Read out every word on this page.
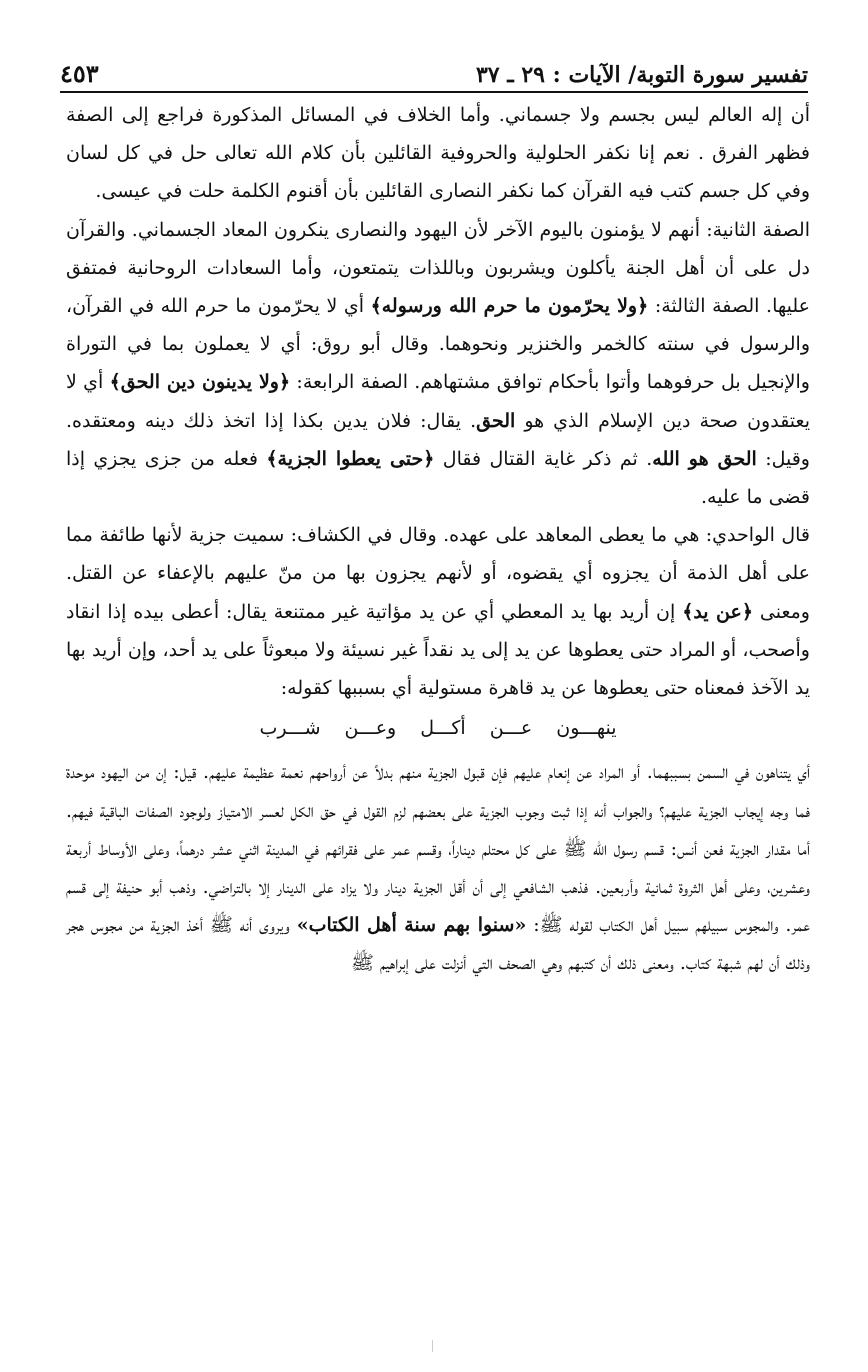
تفسير سورة التوبة/ الآيات : ٢٩ ـ ٣٧
٤٥٣

أن إله العالم ليس بجسم ولا جسماني. وأما الخلاف في المسائل المذكورة فراجع إلى الصفة فظهر الفرق . نعم إنا نكفر الحلولية والحروفية القائلين بأن كلام الله تعالى حل في كل لسان وفي كل جسم كتب فيه القرآن كما نكفر النصارى القائلين بأن أقنوم الكلمة حلت في عيسى.

الصفة الثانية: أنهم لا يؤمنون باليوم الآخر لأن اليهود والنصارى ينكرون المعاد الجسماني. والقرآن دل على أن أهل الجنة يأكلون ويشربون وباللذات يتمتعون، وأما السعادات الروحانية فمتفق عليها. الصفة الثالثة: ﴿ولا يحرّمون ما حرم الله ورسوله﴾ أي لا يحرّمون ما حرم الله في القرآن، والرسول في سنته كالخمر والخنزير ونحوهما. وقال أبو روق: أي لا يعملون بما في التوراة والإنجيل بل حرفوهما وأتوا بأحكام توافق مشتهاهم. الصفة الرابعة: ﴿ولا يدينون دين الحق﴾ أي لا يعتقدون صحة دين الإسلام الذي هو الحق. يقال: فلان يدين بكذا إذا اتخذ ذلك دينه ومعتقده. وقيل: الحق هو الله. ثم ذكر غاية القتال فقال ﴿حتى يعطوا الجزية﴾ فعله من جزى يجزي إذا قضى ما عليه.

قال الواحدي: هي ما يعطى المعاهد على عهده. وقال في الكشاف: سميت جزية لأنها طائفة مما على أهل الذمة أن يجزوه أي يقضوه، أو لأنهم يجزون بها من منّ عليهم بالإعفاء عن القتل. ومعنى ﴿عن يد﴾ إن أريد بها يد المعطي أي عن يد مؤاتية غير ممتنعة يقال: أعطى بيده إذا انقاد وأصحب، أو المراد حتى يعطوها عن يد إلى يد نقداً غير نسيئة ولا مبعوثاً على يد أحد، وإن أريد بها يد الآخذ فمعناه حتى يعطوها عن يد قاهرة مستولية أي بسببها كقوله:

ينهـــون عـــن أكـــل وعـــن شـــرب

أي يتناهون في السمن بسببهما. أو المراد عن إنعام عليهم فإن قبول الجزية منهم بدلاً عن أرواحهم نعمة عظيمة عليهم. قيل: إن من اليهود موحدة فما وجه إيجاب الجزية عليهم؟ والجواب أنه إذا ثبت وجوب الجزية على بعضهم لزم القول في حق الكل لعسر الامتياز ولوجود الصفات الباقية فيهم. أما مقدار الجزية فعن أنس: قسم رسول الله ﷺ على كل محتلم ديناراً، وقسم عمر على فقرائهم في المدينة اثني عشر درهماً، وعلى الأوساط أربعة وعشرين، وعلى أهل الثروة ثمانية وأربعين. فذهب الشافعي إلى أن أقل الجزية دينار ولا يزاد على الدينار إلا بالتراضي. وذهب أبو حنيفة إلى قسم عمر. والمجوس سبيلهم سبيل أهل الكتاب لقوله ﷺ: «سنوا بهم سنة أهل الكتاب» ويروى أنه ﷺ أخذ الجزية من مجوس هجر وذلك أن لهم شبهة كتاب. ومعنى ذلك أن كتبهم وهي الصحف التي أنزلت على إبراهيم ﷺ
